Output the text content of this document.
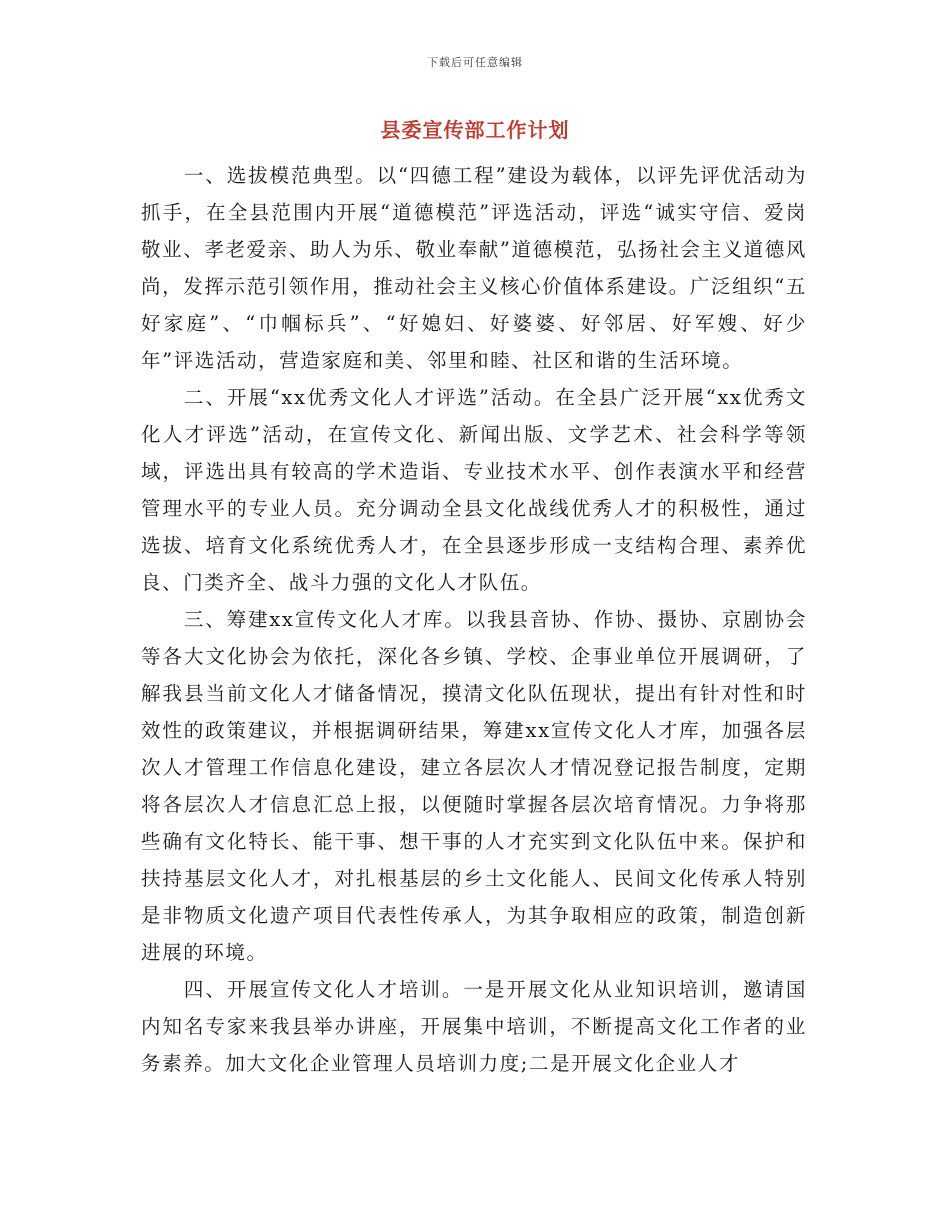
下载后可任意编辑
县委宣传部工作计划

一、选拔模范典型。以“四德工程”建设为载体，以评先评优活动为抓手，在全县范围内开展“道德模范”评选活动，评选“诚实守信、爱岗敬业、孝老爱亲、助人为乐、敬业奉献”道德模范，弘扬社会主义道德风尚，发挥示范引领作用，推动社会主义核心价值体系建设。广泛组织“五好家庭”、“巾帼标兵”、“好媳妇、好婆婆、好邻居、好军嫂、好少年”评选活动，营造家庭和美、邻里和睦、社区和谐的生活环境。

二、开展“xx优秀文化人才评选”活动。在全县广泛开展“xx优秀文化人才评选”活动，在宣传文化、新闻出版、文学艺术、社会科学等领域，评选出具有较高的学术造诣、专业技术水平、创作表演水平和经营管理水平的专业人员。充分调动全县文化战线优秀人才的积极性，通过选拔、培育文化系统优秀人才，在全县逐步形成一支结构合理、素养优良、门类齐全、战斗力强的文化人才队伍。

三、筹建xx宣传文化人才库。以我县音协、作协、摄协、京剧协会等各大文化协会为依托，深化各乡镇、学校、企事业单位开展调研，了解我县当前文化人才储备情况，摸清文化队伍现状，提出有针对性和时效性的政策建议，并根据调研结果，筹建xx宣传文化人才库，加强各层次人才管理工作信息化建设，建立各层次人才情况登记报告制度，定期将各层次人才信息汇总上报，以便随时掌握各层次培育情况。力争将那些确有文化特长、能干事、想干事的人才充实到文化队伍中来。保护和扶持基层文化人才，对扎根基层的乡土文化能人、民间文化传承人特别是非物质文化遗产项目代表性传承人，为其争取相应的政策，制造创新进展的环境。

四、开展宣传文化人才培训。一是开展文化从业知识培训，邀请国内知名专家来我县举办讲座，开展集中培训，不断提高文化工作者的业务素养。加大文化企业管理人员培训力度;二是开展文化企业人才
